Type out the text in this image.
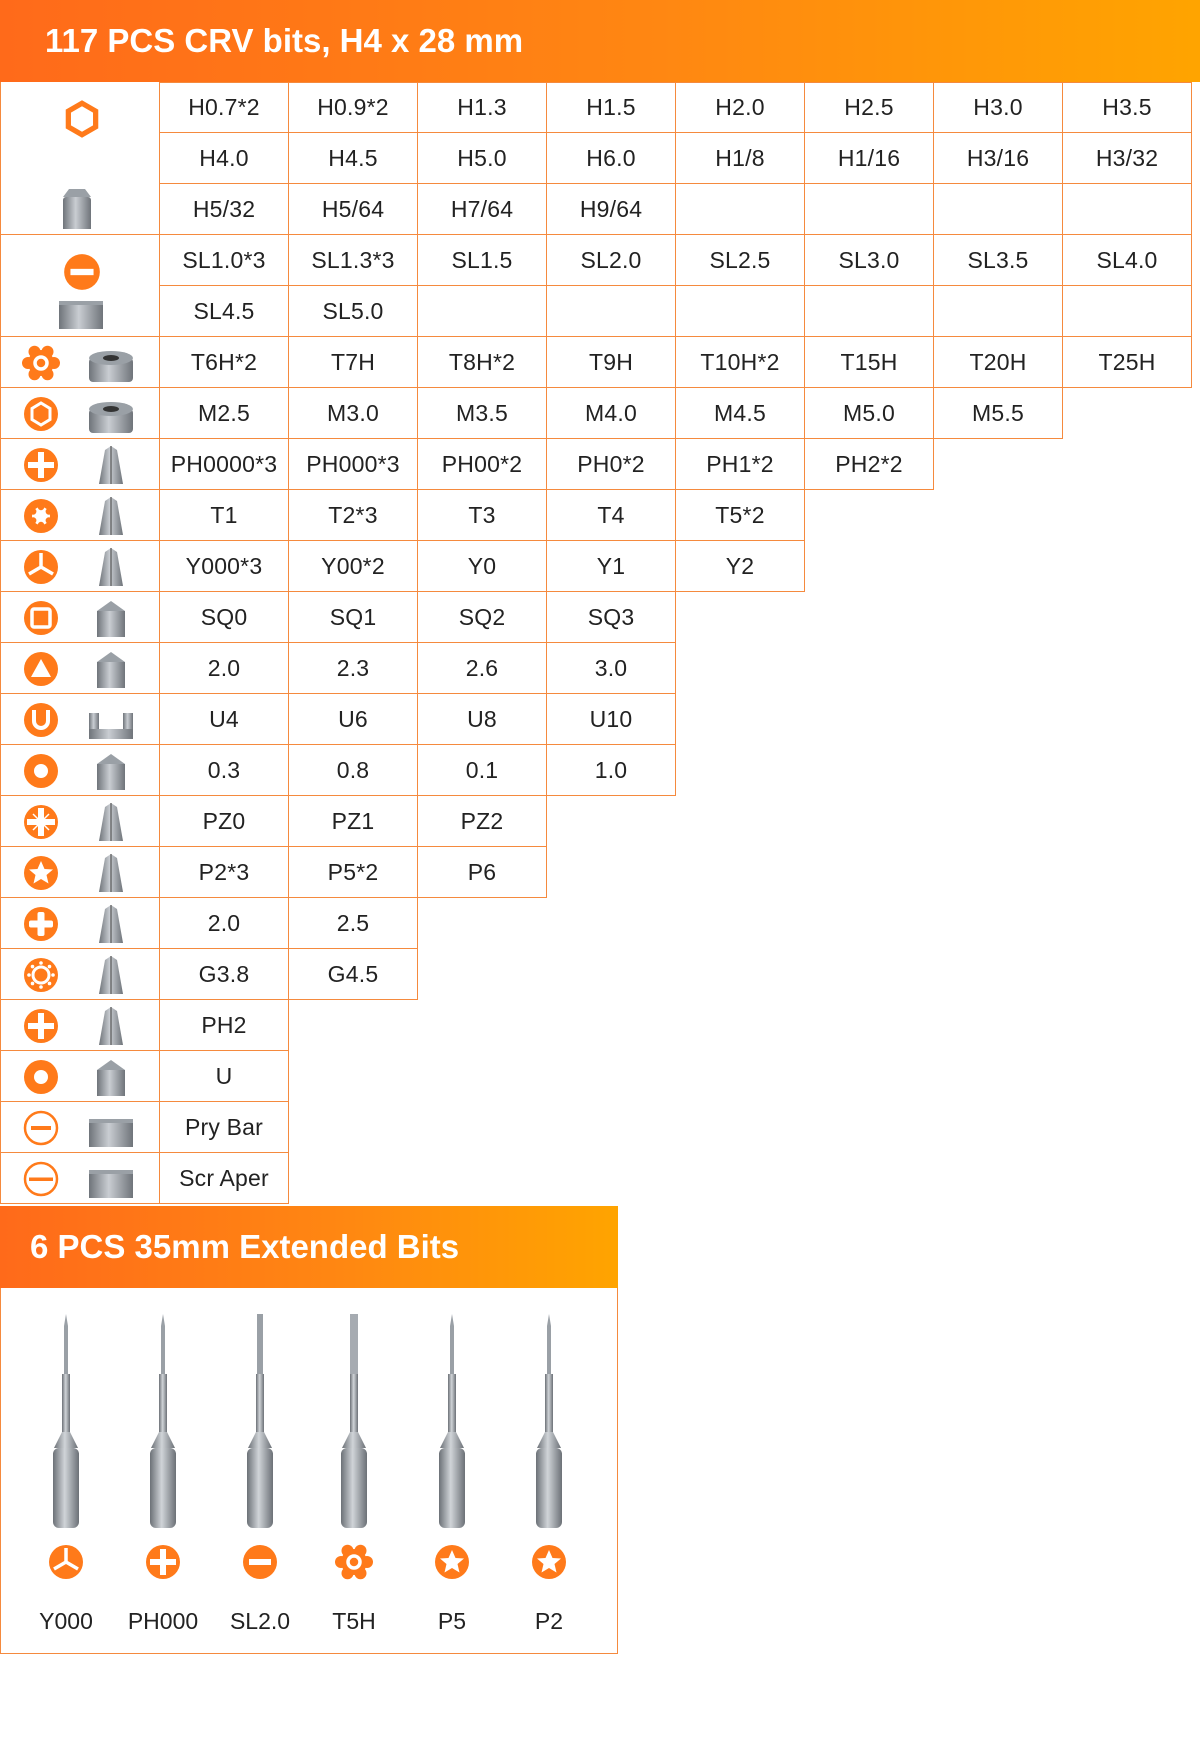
117 PCS CRV bits, H4 x 28 mm
H0.7*2	H0.9*2	H1.3	H1.5	H2.0	H2.5	H3.0	H3.5
H4.0	H4.5	H5.0	H6.0	H1/8	H1/16	H3/16	H3/32
H5/32	H5/64	H7/64	H9/64
SL1.0*3	SL1.3*3	SL1.5	SL2.0	SL2.5	SL3.0	SL3.5	SL4.0
SL4.5	SL5.0
T6H*2	T7H	T8H*2	T9H	T10H*2	T15H	T20H	T25H
M2.5	M3.0	M3.5	M4.0	M4.5	M5.0	M5.5
PH0000*3	PH000*3	PH00*2	PH0*2	PH1*2	PH2*2
T1	T2*3	T3	T4	T5*2
Y000*3	Y00*2	Y0	Y1	Y2
SQ0	SQ1	SQ2	SQ3
2.0	2.3	2.6	3.0
U4	U6	U8	U10
0.3	0.8	0.1	1.0
PZ0	PZ1	PZ2
P2*3	P5*2	P6
2.0	2.5
G3.8	G4.5
PH2
U
Pry Bar
Scr Aper
6 PCS 35mm Extended Bits
Y000	PH000	SL2.0	T5H	P5	P2
